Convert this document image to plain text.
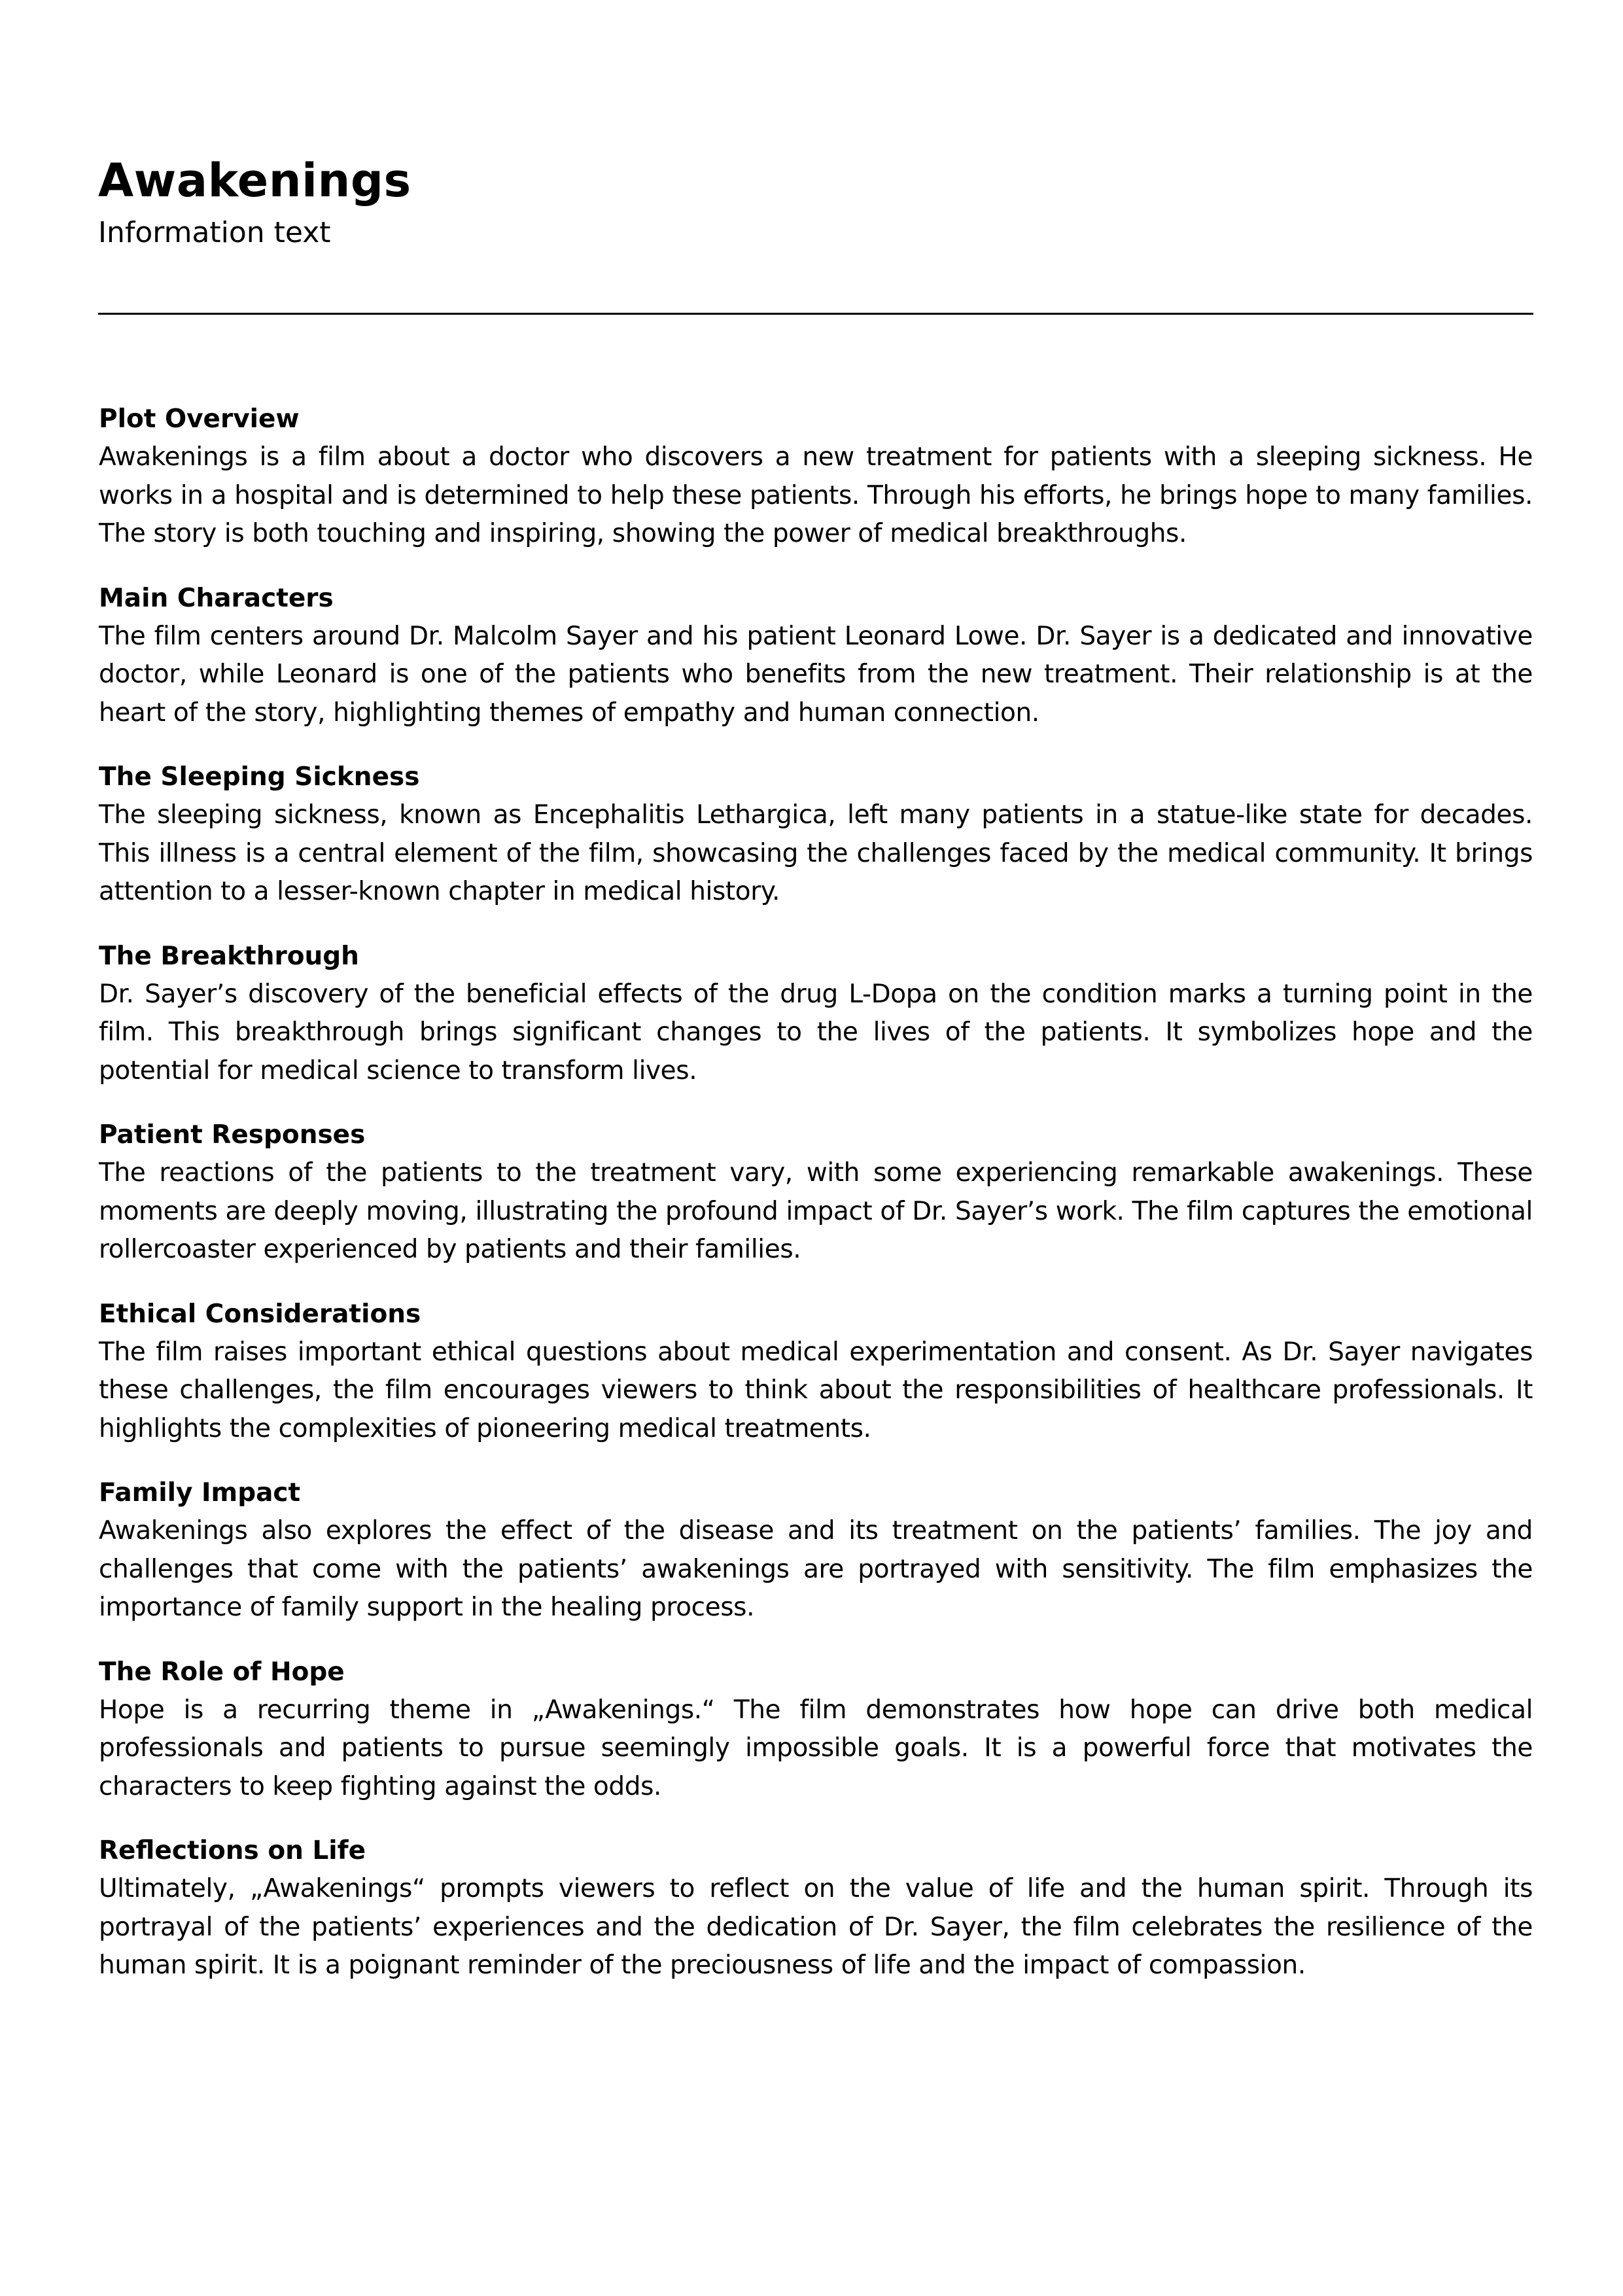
Awakenings

Information text

Plot Overview

Awakenings is a film about a doctor who discovers a new treatment for patients with a sleeping sickness. He works in a hospital and is determined to help these patients. Through his efforts, he brings hope to many families. The story is both touching and inspiring, showing the power of medical breakthroughs.

Main Characters

The film centers around Dr. Malcolm Sayer and his patient Leonard Lowe. Dr. Sayer is a dedicated and innovative doctor, while Leonard is one of the patients who benefits from the new treatment. Their relationship is at the heart of the story, highlighting themes of empathy and human connection.

The Sleeping Sickness

The sleeping sickness, known as Encephalitis Lethargica, left many patients in a statue-like state for decades. This illness is a central element of the film, showcasing the challenges faced by the medical community. It brings attention to a lesser-known chapter in medical history.

The Breakthrough

Dr. Sayer’s discovery of the beneficial effects of the drug L-Dopa on the condition marks a turning point in the film. This breakthrough brings significant changes to the lives of the patients. It symbolizes hope and the potential for medical science to transform lives.

Patient Responses

The reactions of the patients to the treatment vary, with some experiencing remarkable awakenings. These moments are deeply moving, illustrating the profound impact of Dr. Sayer’s work. The film captures the emotional rollercoaster experienced by patients and their families.

Ethical Considerations

The film raises important ethical questions about medical experimentation and consent. As Dr. Sayer navigates these challenges, the film encourages viewers to think about the responsibilities of healthcare professionals. It highlights the complexities of pioneering medical treatments.

Family Impact

Awakenings also explores the effect of the disease and its treatment on the patients’ families. The joy and challenges that come with the patients’ awakenings are portrayed with sensitivity. The film emphasizes the importance of family support in the healing process.

The Role of Hope

Hope is a recurring theme in „Awakenings.“ The film demonstrates how hope can drive both medical professionals and patients to pursue seemingly impossible goals. It is a powerful force that motivates the characters to keep fighting against the odds.

Reflections on Life

Ultimately, „Awakenings“ prompts viewers to reflect on the value of life and the human spirit. Through its portrayal of the patients’ experiences and the dedication of Dr. Sayer, the film celebrates the resilience of the human spirit. It is a poignant reminder of the preciousness of life and the impact of compassion.
